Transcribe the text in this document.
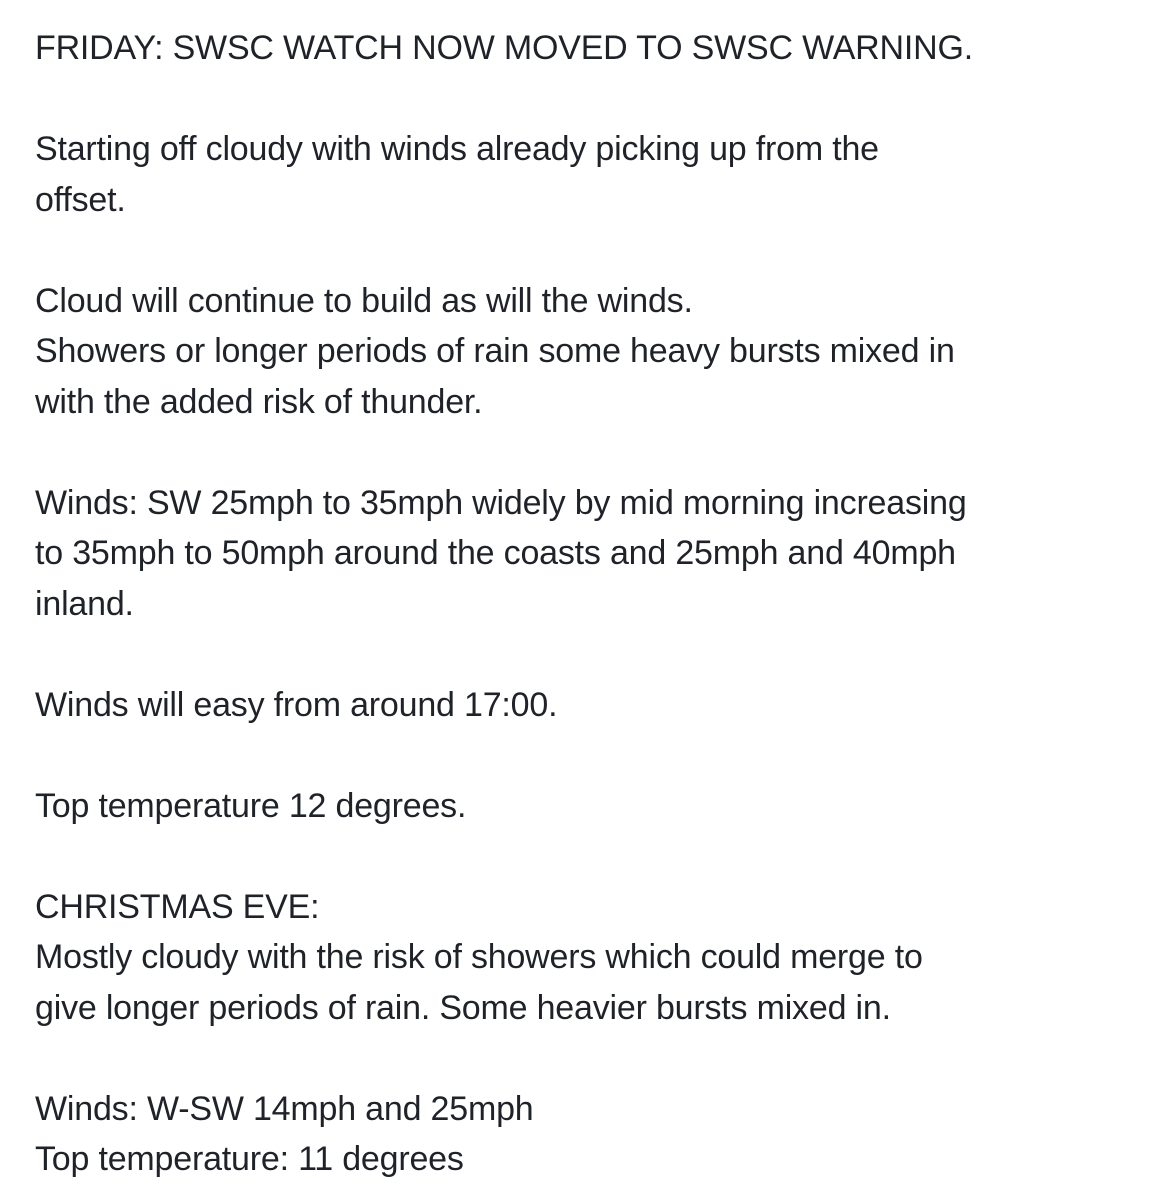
FRIDAY: SWSC WATCH NOW MOVED TO SWSC WARNING.
Starting off cloudy with winds already picking up from the
offset.
Cloud will continue to build as will the winds.
Showers or longer periods of rain some heavy bursts mixed in
with the added risk of thunder.
Winds: SW 25mph to 35mph widely by mid morning increasing
to 35mph to 50mph around the coasts and 25mph and 40mph
inland.
Winds will easy from around 17:00.
Top temperature 12 degrees.
CHRISTMAS EVE:
Mostly cloudy with the risk of showers which could merge to
give longer periods of rain. Some heavier bursts mixed in.
Winds: W-SW 14mph and 25mph
Top temperature: 11 degrees
